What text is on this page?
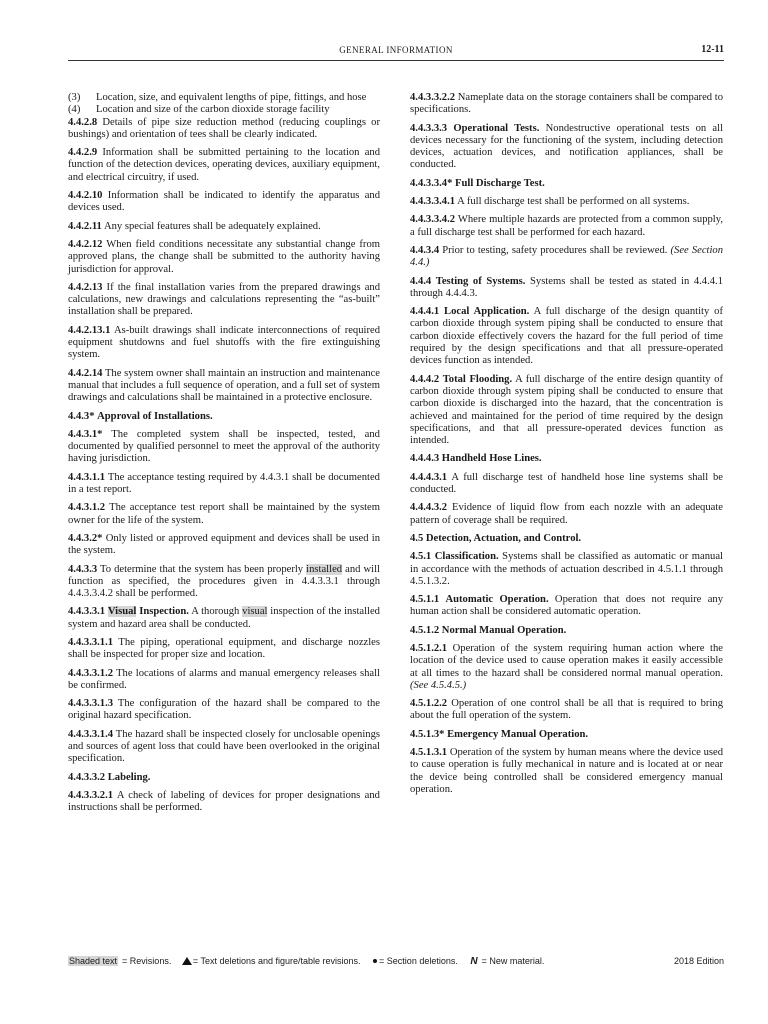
GENERAL INFORMATION	12-11

(3) Location, size, and equivalent lengths of pipe, fittings, and hose

(4) Location and size of the carbon dioxide storage facility

4.4.2.8 Details of pipe size reduction method (reducing couplings or bushings) and orientation of tees shall be clearly indicated.

4.4.2.9 Information shall be submitted pertaining to the location and function of the detection devices, operating devices, auxiliary equipment, and electrical circuitry, if used.

4.4.2.10 Information shall be indicated to identify the apparatus and devices used.

4.4.2.11 Any special features shall be adequately explained.

4.4.2.12 When field conditions necessitate any substantial change from approved plans, the change shall be submitted to the authority having jurisdiction for approval.

4.4.2.13 If the final installation varies from the prepared drawings and calculations, new drawings and calculations representing the “as-built” installation shall be prepared.

4.4.2.13.1 As-built drawings shall indicate interconnections of required equipment shutdowns and fuel shutoffs with the fire extinguishing system.

4.4.2.14 The system owner shall maintain an instruction and maintenance manual that includes a full sequence of operation, and a full set of system drawings and calculations shall be maintained in a protective enclosure.

4.4.3* Approval of Installations.

4.4.3.1* The completed system shall be inspected, tested, and documented by qualified personnel to meet the approval of the authority having jurisdiction.

4.4.3.1.1 The acceptance testing required by 4.4.3.1 shall be documented in a test report.

4.4.3.1.2 The acceptance test report shall be maintained by the system owner for the life of the system.

4.4.3.2* Only listed or approved equipment and devices shall be used in the system.

4.4.3.3 To determine that the system has been properly installed and will function as specified, the procedures given in 4.4.3.3.1 through 4.4.3.3.4.2 shall be performed.

4.4.3.3.1 Visual Inspection. A thorough visual inspection of the installed system and hazard area shall be conducted.

4.4.3.3.1.1 The piping, operational equipment, and discharge nozzles shall be inspected for proper size and location.

4.4.3.3.1.2 The locations of alarms and manual emergency releases shall be confirmed.

4.4.3.3.1.3 The configuration of the hazard shall be compared to the original hazard specification.

4.4.3.3.1.4 The hazard shall be inspected closely for unclosable openings and sources of agent loss that could have been overlooked in the original specification.

4.4.3.3.2 Labeling.

4.4.3.3.2.1 A check of labeling of devices for proper designations and instructions shall be performed.

4.4.3.3.2.2 Nameplate data on the storage containers shall be compared to specifications.

4.4.3.3.3 Operational Tests. Nondestructive operational tests on all devices necessary for the functioning of the system, including detection devices, actuation devices, and notification appliances, shall be conducted.

4.4.3.3.4* Full Discharge Test.

4.4.3.3.4.1 A full discharge test shall be performed on all systems.

4.4.3.3.4.2 Where multiple hazards are protected from a common supply, a full discharge test shall be performed for each hazard.

4.4.3.4 Prior to testing, safety procedures shall be reviewed. (See Section 4.4.)

4.4.4 Testing of Systems. Systems shall be tested as stated in 4.4.4.1 through 4.4.4.3.

4.4.4.1 Local Application. A full discharge of the design quantity of carbon dioxide through system piping shall be conducted to ensure that carbon dioxide effectively covers the hazard for the full period of time required by the design specifications and that all pressure-operated devices function as intended.

4.4.4.2 Total Flooding. A full discharge of the entire design quantity of carbon dioxide through system piping shall be conducted to ensure that carbon dioxide is discharged into the hazard, that the concentration is achieved and maintained for the period of time required by the design specifications, and that all pressure-operated devices function as intended.

4.4.4.3 Handheld Hose Lines.

4.4.4.3.1 A full discharge test of handheld hose line systems shall be conducted.

4.4.4.3.2 Evidence of liquid flow from each nozzle with an adequate pattern of coverage shall be required.

4.5 Detection, Actuation, and Control.

4.5.1 Classification. Systems shall be classified as automatic or manual in accordance with the methods of actuation described in 4.5.1.1 through 4.5.1.3.2.

4.5.1.1 Automatic Operation. Operation that does not require any human action shall be considered automatic operation.

4.5.1.2 Normal Manual Operation.

4.5.1.2.1 Operation of the system requiring human action where the location of the device used to cause operation makes it easily accessible at all times to the hazard shall be considered normal manual operation. (See 4.5.4.5.)

4.5.1.2.2 Operation of one control shall be all that is required to bring about the full operation of the system.

4.5.1.3* Emergency Manual Operation.

4.5.1.3.1 Operation of the system by human means where the device used to cause operation is fully mechanical in nature and is located at or near the device being controlled shall be considered emergency manual operation.

Shaded text = Revisions. = Text deletions and figure/table revisions. = Section deletions. N = New material.	2018 Edition
